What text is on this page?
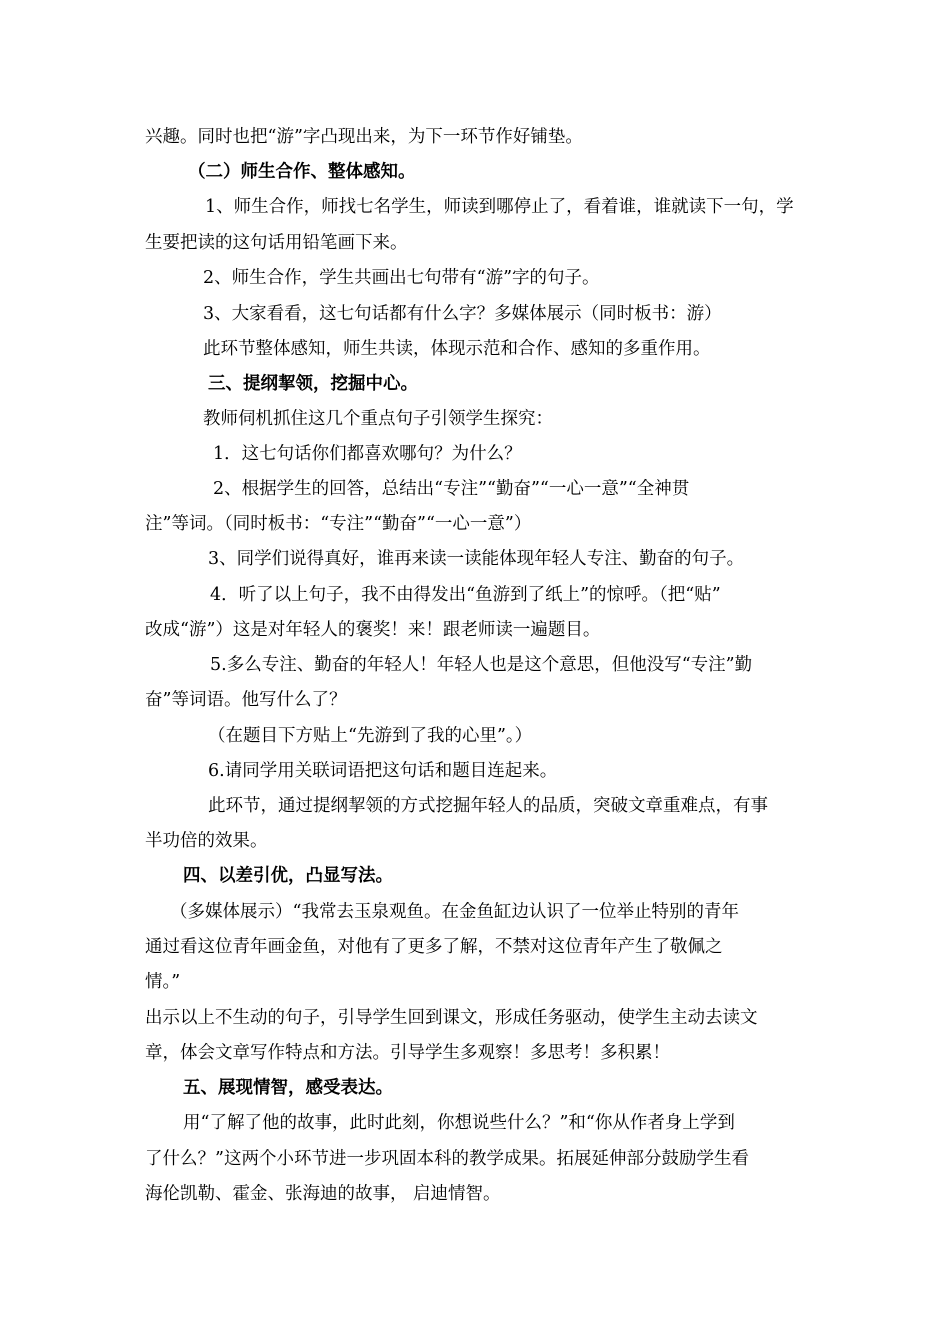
兴趣。同时也把“游”字凸现出来，为下一环节作好铺垫。
（二）师生合作、整体感知。
1、师生合作，师找七名学生，师读到哪停止了，看着谁，谁就读下一句，学
生要把读的这句话用铅笔画下来。
2、师生合作，学生共画出七句带有“游”字的句子。
3、大家看看，这七句话都有什么字？多媒体展示（同时板书：游）
此环节整体感知，师生共读，体现示范和合作、感知的多重作用。
三、提纲挈领，挖掘中心。
教师伺机抓住这几个重点句子引领学生探究：
1．这七句话你们都喜欢哪句？为什么？
2、根据学生的回答，总结出“专注”“勤奋”“一心一意”“全神贯
注”等词。（同时板书：“专注”“勤奋”“一心一意”）
3、同学们说得真好，谁再来读一读能体现年轻人专注、勤奋的句子。
4．听了以上句子，我不由得发出“鱼游到了纸上”的惊呼。（把“贴”
改成“游”）这是对年轻人的褒奖！来！跟老师读一遍题目。
5.多么专注、勤奋的年轻人！年轻人也是这个意思，但他没写“专注”勤
奋”等词语。他写什么了？
（在题目下方贴上“先游到了我的心里”。）
6.请同学用关联词语把这句话和题目连起来。
此环节，通过提纲挈领的方式挖掘年轻人的品质，突破文章重难点，有事
半功倍的效果。
四、以差引优，凸显写法。
（多媒体展示）“我常去玉泉观鱼。在金鱼缸边认识了一位举止特别的青年
通过看这位青年画金鱼，对他有了更多了解，不禁对这位青年产生了敬佩之
情。”
出示以上不生动的句子，引导学生回到课文，形成任务驱动，使学生主动去读文
章，体会文章写作特点和方法。引导学生多观察！多思考！多积累！
五、展现情智，感受表达。
用“了解了他的故事，此时此刻，你想说些什么？”和“你从作者身上学到
了什么？”这两个小环节进一步巩固本科的教学成果。拓展延伸部分鼓励学生看
海伦凯勒、霍金、张海迪的故事， 启迪情智。
